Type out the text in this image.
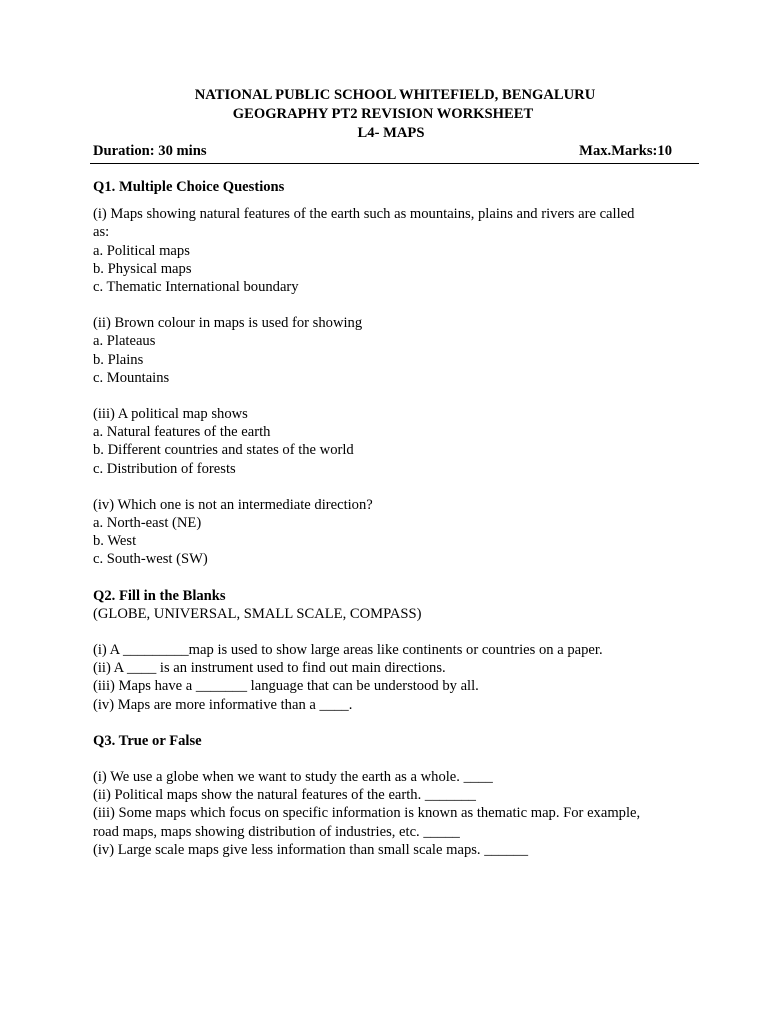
NATIONAL PUBLIC SCHOOL WHITEFIELD, BENGALURU
GEOGRAPHY PT2 REVISION WORKSHEET
L4- MAPS
Duration: 30 mins	Max.Marks:10

Q1. Multiple Choice Questions

(i) Maps showing natural features of the earth such as mountains, plains and rivers are called

as:

a. Political maps

b. Physical maps

c. Thematic International boundary

(ii) Brown colour in maps is used for showing

a. Plateaus

b. Plains

c. Mountains

(iii) A political map shows

a. Natural features of the earth

b. Different countries and states of the world

c. Distribution of forests

(iv) Which one is not an intermediate direction?

a. North-east (NE)

b. West

c. South-west (SW)

Q2. Fill in the Blanks

(GLOBE, UNIVERSAL, SMALL SCALE, COMPASS)

(i) A _________map is used to show large areas like continents or countries on a paper.

(ii) A ____ is an instrument used to find out main directions.

(iii) Maps have a _______ language that can be understood by all.

(iv) Maps are more informative than a ____.

Q3. True or False

(i) We use a globe when we want to study the earth as a whole. ____

(ii) Political maps show the natural features of the earth. _______

(iii) Some maps which focus on specific information is known as thematic map. For example,

road maps, maps showing distribution of industries, etc. _____

(iv) Large scale maps give less information than small scale maps. ______
